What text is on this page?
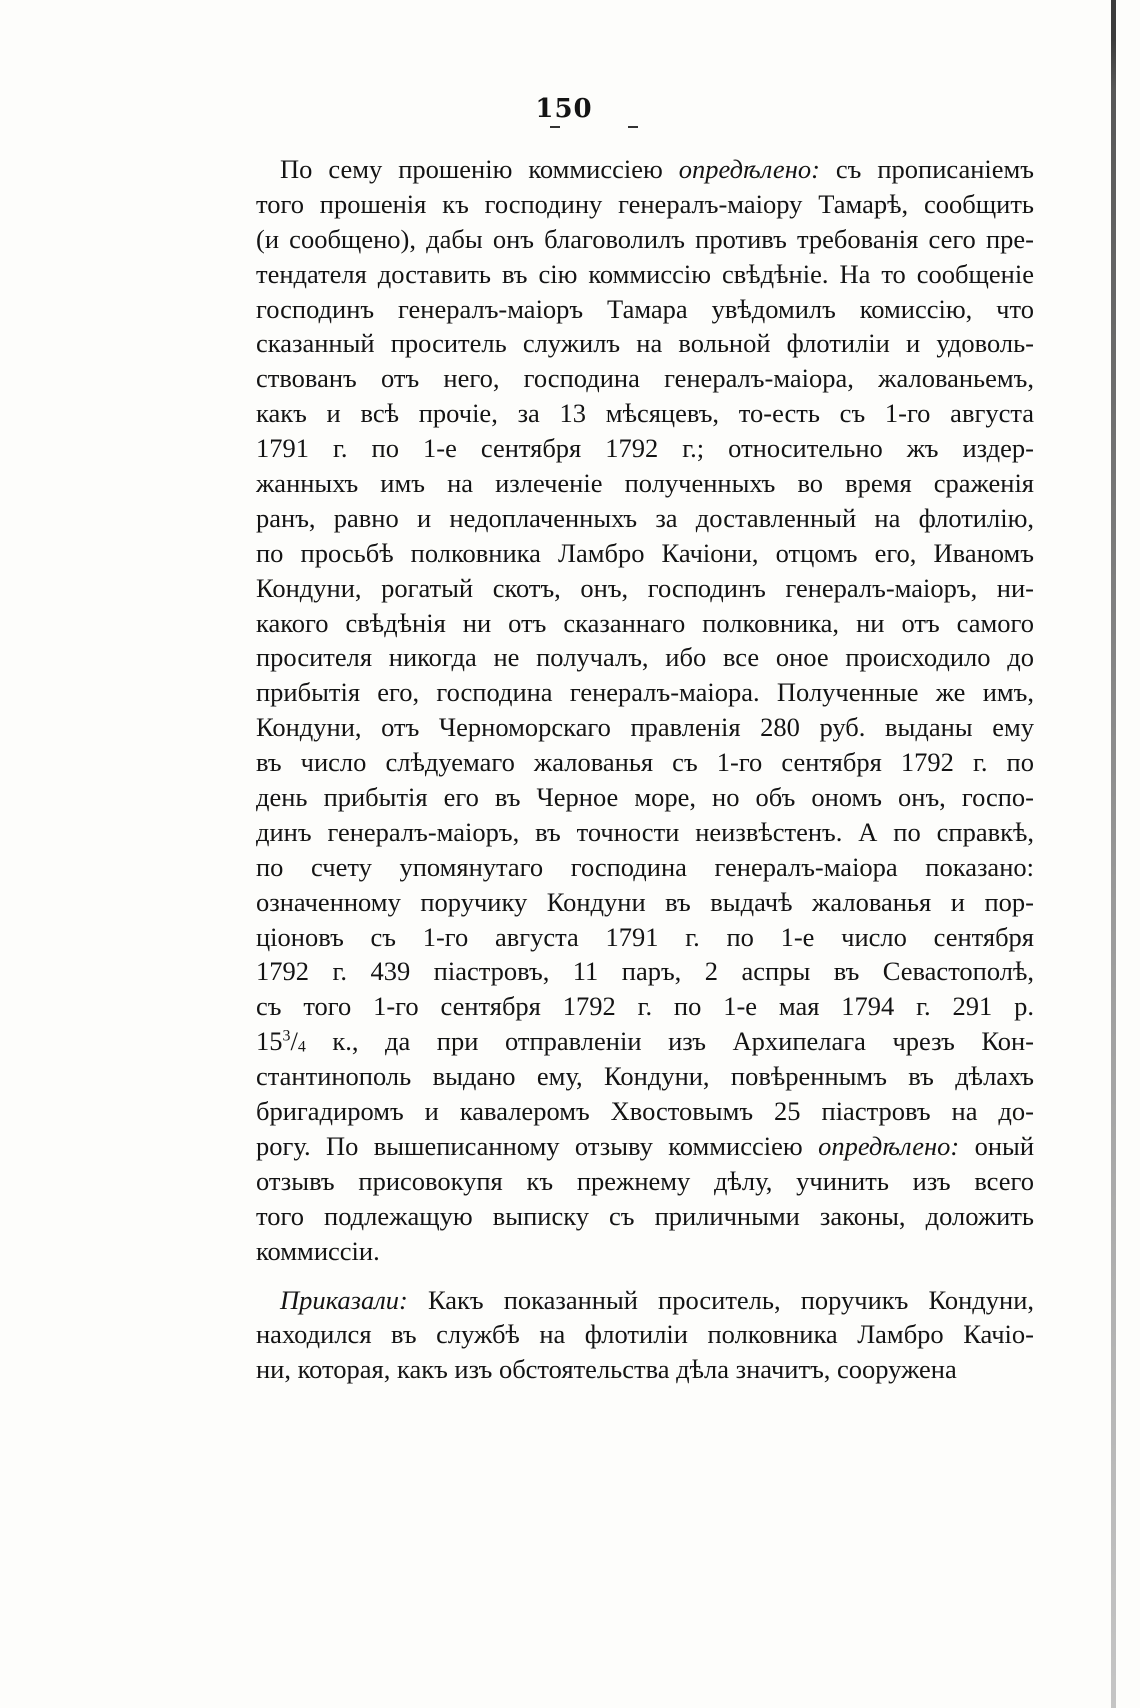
150
По сему прошенію коммиссіею опредѣлено: съ прописаніемъ
того прошенія къ господину генералъ-маіору Тамарѣ, сообщить
(и сообщено), дабы онъ благоволилъ противъ требованія сего пре-
тендателя доставить въ сію коммиссію свѣдѣніе. На то сообщеніе
господинъ генералъ-маіоръ Тамара увѣдомилъ комиссію, что
сказанный проситель служилъ на вольной флотиліи и удоволь-
ствованъ отъ него, господина генералъ-маіора, жалованьемъ,
какъ и всѣ прочіе, за 13 мѣсяцевъ, то-есть съ 1-го августа
1791 г. по 1-е сентября 1792 г.; относительно жъ издер-
жанныхъ имъ на излеченіе полученныхъ во время сраженія
ранъ, равно и недоплаченныхъ за доставленный на флотилію,
по просьбѣ полковника Ламбро Качіони, отцомъ его, Иваномъ
Кондуни, рогатый скотъ, онъ, господинъ генералъ-маіоръ, ни-
какого свѣдѣнія ни отъ сказаннаго полковника, ни отъ самого
просителя никогда не получалъ, ибо все оное происходило до
прибытія его, господина генералъ-маіора. Полученные же имъ,
Кондуни, отъ Черноморскаго правленія 280 руб. выданы ему
въ число слѣдуемаго жалованья съ 1-го сентября 1792 г. по
день прибытія его въ Черное море, но объ ономъ онъ, госпо-
динъ генералъ-маіоръ, въ точности неизвѣстенъ. А по справкѣ,
по счету упомянутаго господина генералъ-маіора показано:
означенному поручику Кондуни въ выдачѣ жалованья и пор-
ціоновъ съ 1-го августа 1791 г. по 1-е число сентября
1792 г. 439 піастровъ, 11 паръ, 2 аспры въ Севастополѣ,
съ того 1-го сентября 1792 г. по 1-е мая 1794 г. 291 р.
$15^3/_4$ к., да при отправленіи изъ Архипелага чрезъ Кон-
стантинополь выдано ему, Кондуни, повѣреннымъ въ дѣлахъ
бригадиромъ и кавалеромъ Хвостовымъ 25 піастровъ на до-
рогу. По вышеписанному отзыву коммиссіею опредѣлено: оный
отзывъ присовокупя къ прежнему дѣлу, учинить изъ всего
того подлежащую выписку съ приличными законы, доложить
коммиссіи.
Приказали: Какъ показанный проситель, поручикъ Кондуни,
находился въ службѣ на флотиліи полковника Ламбро Качіо-
ни, которая, какъ изъ обстоятельства дѣла значитъ, сооружена
